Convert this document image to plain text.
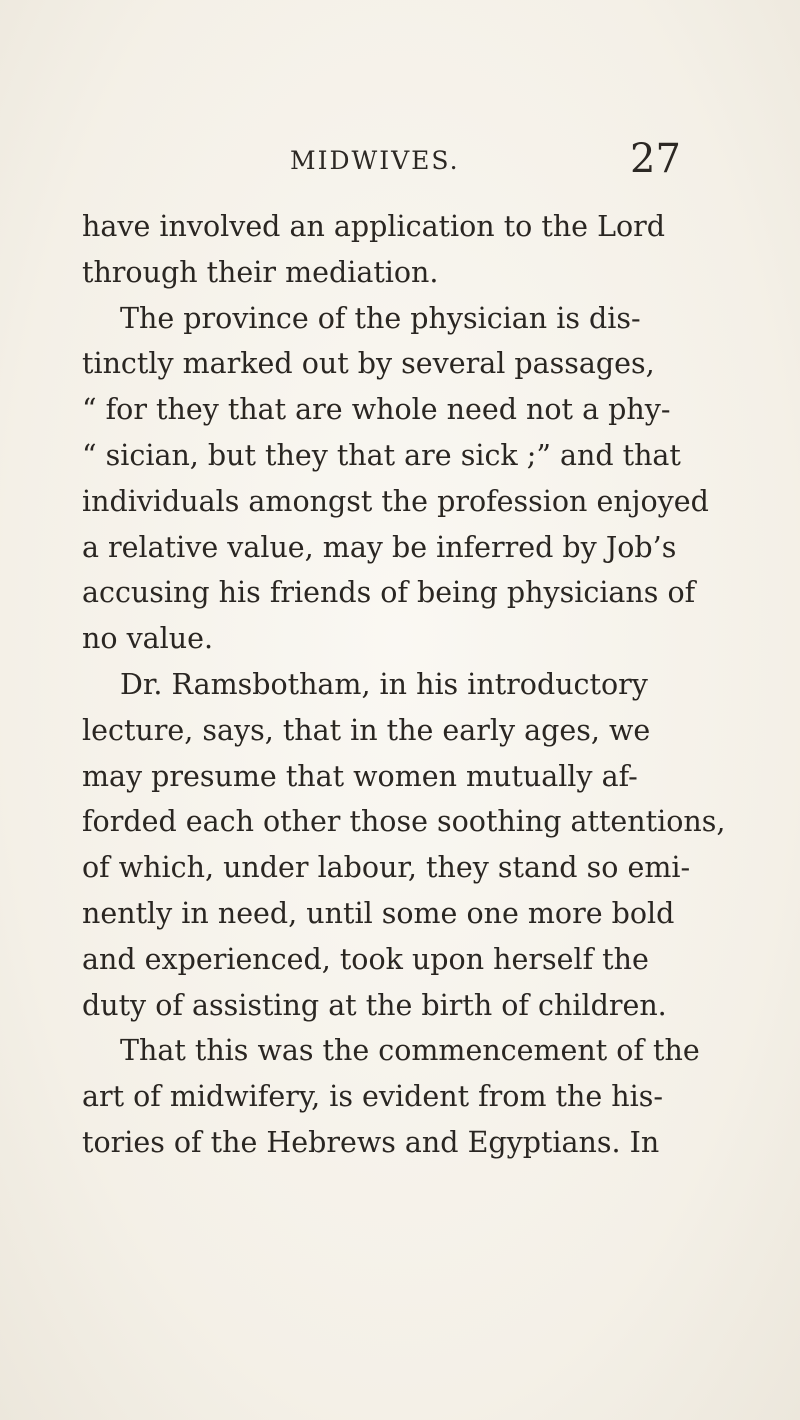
MIDWIVES.	27
have involved an application to the Lord
through their mediation.
The province of the physician is dis-
tinctly marked out by several passages,
“ for they that are whole need not a phy-
“ sician, but they that are sick ;” and that
individuals amongst the profession enjoyed
a relative value, may be inferred by Job’s
accusing his friends of being physicians of
no value.
Dr. Ramsbotham, in his introductory
lecture, says, that in the early ages, we
may presume that women mutually af-
forded each other those soothing attentions,
of which, under labour, they stand so emi-
nently in need, until some one more bold
and experienced, took upon herself the
duty of assisting at the birth of children.
That this was the commencement of the
art of midwifery, is evident from the his-
tories of the Hebrews and Egyptians. In
